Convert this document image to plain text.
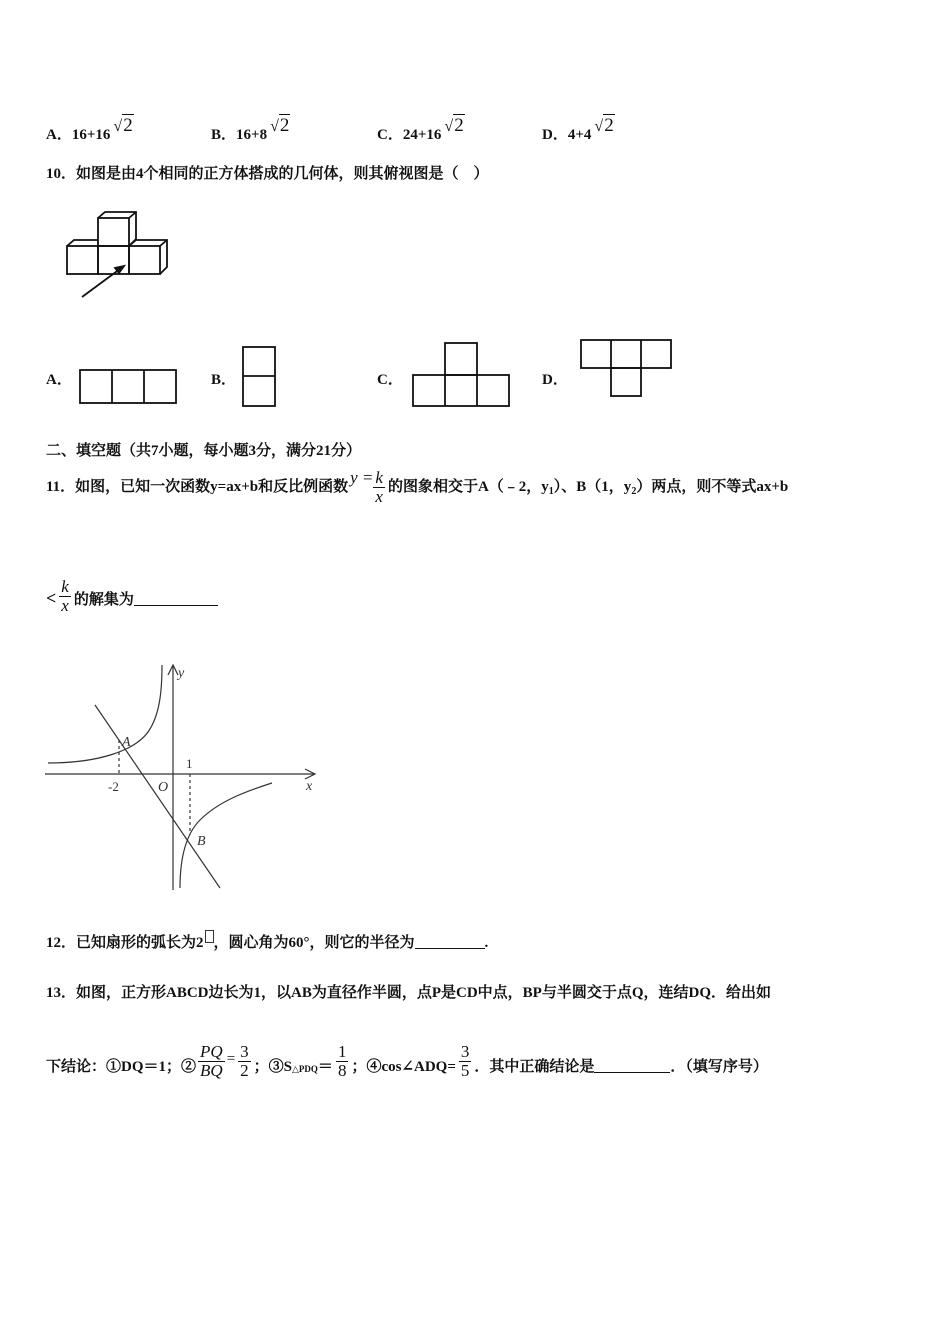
A．16+16 √2	B．16+8 √2	C．24+16 √2	D．4+4 √2
10．如图是由4个相同的正方体搭成的几何体，则其俯视图是（　）
A．	B．	C．	D．
二、填空题（共7小题，每小题3分，满分21分）
11．如图，已知一次函数y=ax+b和反比例函数 $y = \frac{k}{x}$ 的图象相交于A（﹣2，$y_1$）、B（1，$y_2$）两点，则不等式ax+b
< $\frac{k}{x}$ 的解集为
y
x
O
A
B
-2
1
12．已知扇形的弧长为2 ，圆心角为60°，则它的半径为	.
13．如图，正方形ABCD边长为1，以AB为直径作半圆，点P是CD中点，BP与半圆交于点Q，连结DQ．给出如
下结论：①DQ＝1；② $\frac{PQ}{BQ} = \frac{3}{2}$ ；$③S_{\triangle PDQ}= \frac{1}{8}$ ；④cos∠ADQ= $\frac{3}{5}$ ．其中正确结论是	．（填写序号）
